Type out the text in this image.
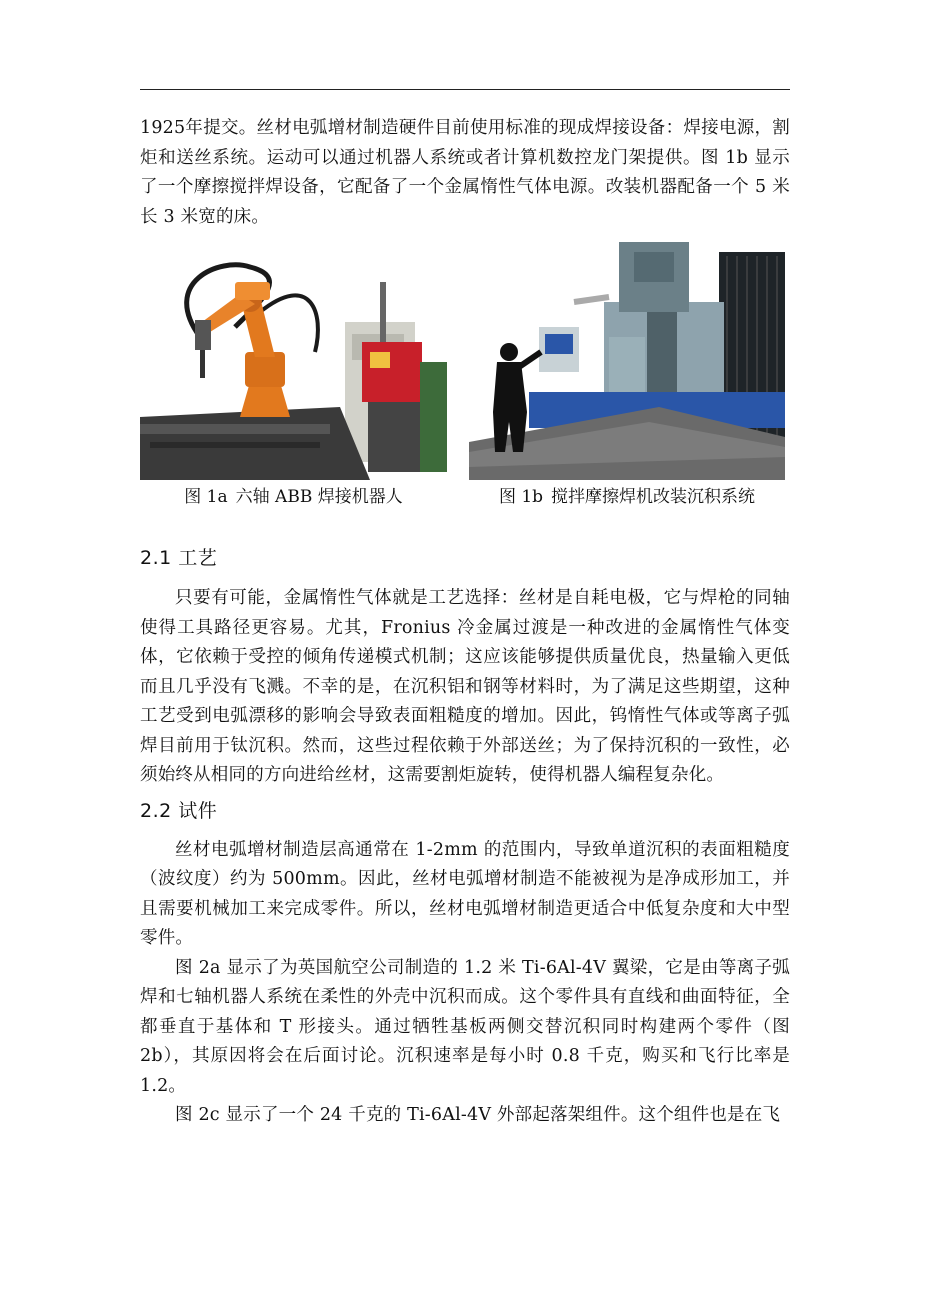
1925年提交。丝材电弧增材制造硬件目前使用标准的现成焊接设备：焊接电源，割炬和送丝系统。运动可以通过机器人系统或者计算机数控龙门架提供。图 1b 显示了一个摩擦搅拌焊设备，它配备了一个金属惰性气体电源。改装机器配备一个 5 米长 3 米宽的床。

图 1a 六轴 ABB 焊接机器人	图 1b 搅拌摩擦焊机改装沉积系统
2.1 工艺

只要有可能，金属惰性气体就是工艺选择：丝材是自耗电极，它与焊枪的同轴使得工具路径更容易。尤其，Fronius 冷金属过渡是一种改进的金属惰性气体变体，它依赖于受控的倾角传递模式机制；这应该能够提供质量优良，热量输入更低而且几乎没有飞溅。不幸的是，在沉积铝和钢等材料时，为了满足这些期望，这种工艺受到电弧漂移的影响会导致表面粗糙度的增加。因此，钨惰性气体或等离子弧焊目前用于钛沉积。然而，这些过程依赖于外部送丝；为了保持沉积的一致性，必须始终从相同的方向进给丝材，这需要割炬旋转，使得机器人编程复杂化。

2.2 试件

丝材电弧增材制造层高通常在 1-2mm 的范围内，导致单道沉积的表面粗糙度（波纹度）约为 500mm。因此，丝材电弧增材制造不能被视为是净成形加工，并且需要机械加工来完成零件。所以，丝材电弧增材制造更适合中低复杂度和大中型零件。

图 2a 显示了为英国航空公司制造的 1.2 米 Ti-6Al-4V 翼梁，它是由等离子弧焊和七轴机器人系统在柔性的外壳中沉积而成。这个零件具有直线和曲面特征，全都垂直于基体和 T 形接头。通过牺牲基板两侧交替沉积同时构建两个零件（图 2b），其原因将会在后面讨论。沉积速率是每小时 0.8 千克，购买和飞行比率是 1.2。

图 2c 显示了一个 24 千克的 Ti-6Al-4V 外部起落架组件。这个组件也是在飞
